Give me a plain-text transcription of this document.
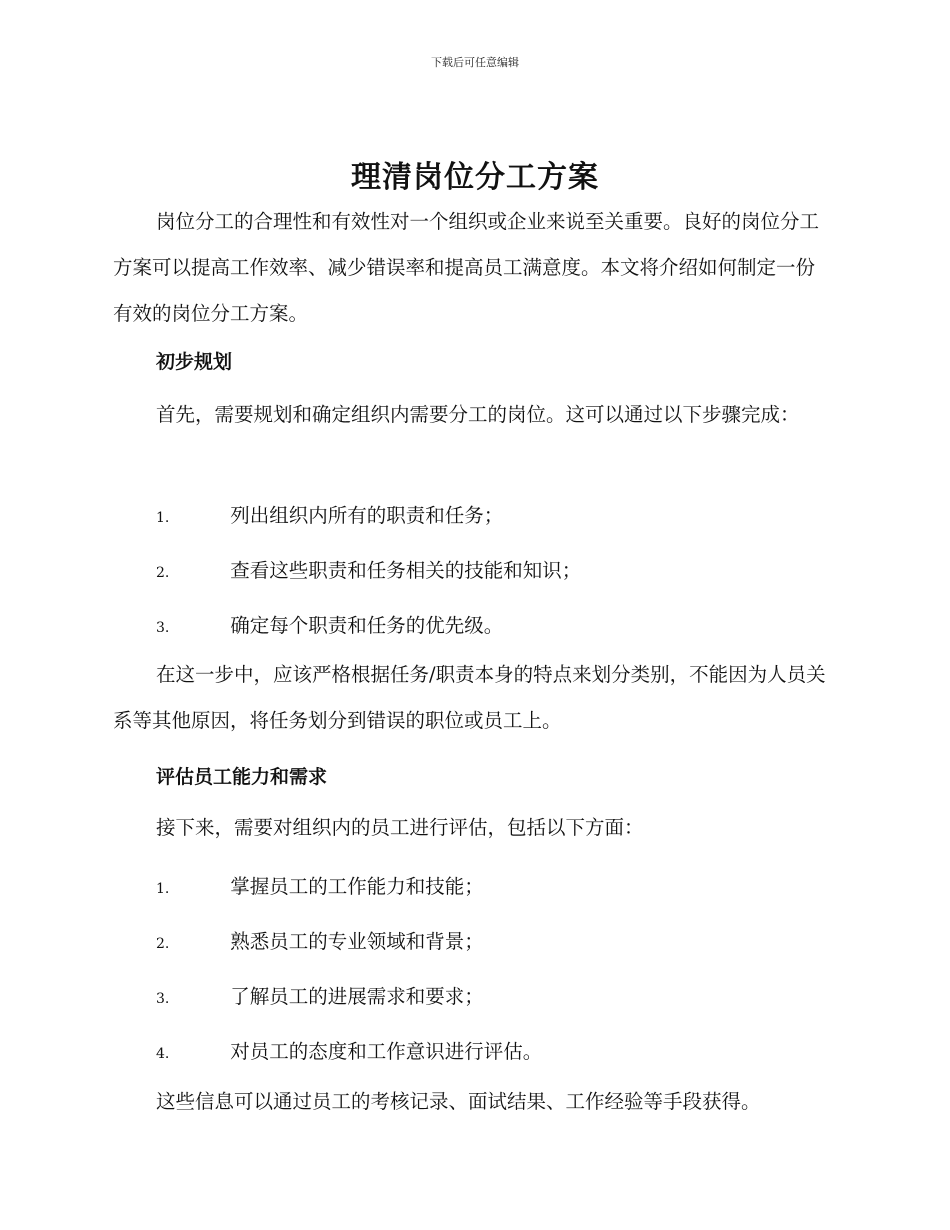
下载后可任意编辑
理清岗位分工方案
岗位分工的合理性和有效性对一个组织或企业来说至关重要。良好的岗位分工方案可以提高工作效率、减少错误率和提高员工满意度。本文将介绍如何制定一份有效的岗位分工方案。
初步规划
首先，需要规划和确定组织内需要分工的岗位。这可以通过以下步骤完成：
1.	列出组织内所有的职责和任务；
2.	查看这些职责和任务相关的技能和知识；
3.	确定每个职责和任务的优先级。
在这一步中，应该严格根据任务/职责本身的特点来划分类别，不能因为人员关系等其他原因，将任务划分到错误的职位或员工上。
评估员工能力和需求
接下来，需要对组织内的员工进行评估，包括以下方面：
1.	掌握员工的工作能力和技能；
2.	熟悉员工的专业领域和背景；
3.	了解员工的进展需求和要求；
4.	对员工的态度和工作意识进行评估。
这些信息可以通过员工的考核记录、面试结果、工作经验等手段获得。
